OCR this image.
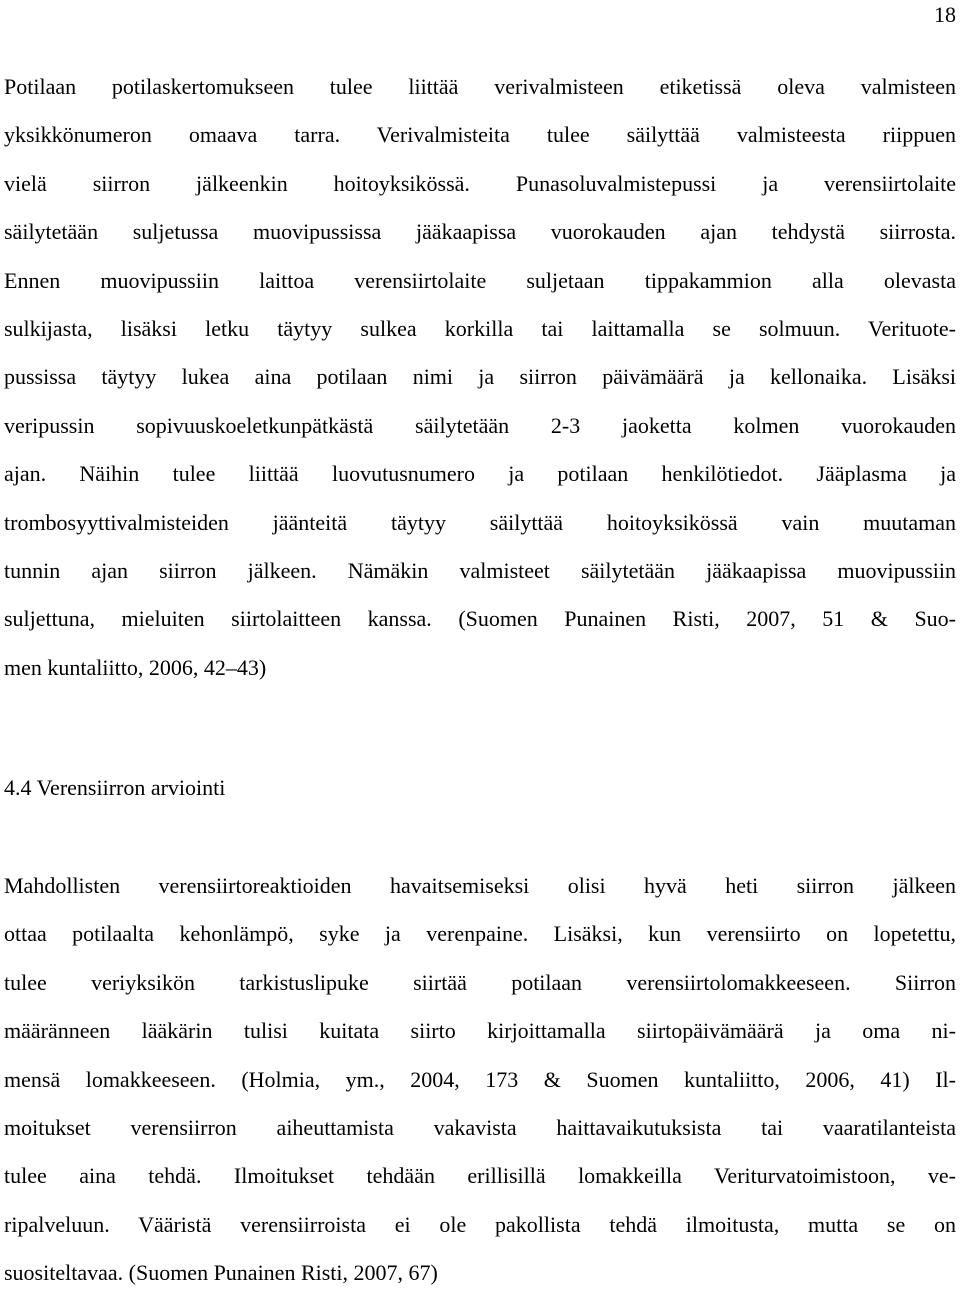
18
Potilaan potilaskertomukseen tulee liittää verivalmisteen etiketissä oleva valmisteen
yksikkönumeron omaava tarra. Verivalmisteita tulee säilyttää valmisteesta riippuen
vielä siirron jälkeenkin hoitoyksikössä. Punasoluvalmistepussi ja verensiirtolaite
säilytetään suljetussa muovipussissa jääkaapissa vuorokauden ajan tehdystä siirrosta.
Ennen muovipussiin laittoa verensiirtolaite suljetaan tippakammion alla olevasta
sulkijasta, lisäksi letku täytyy sulkea korkilla tai laittamalla se solmuun. Verituote-
pussissa täytyy lukea aina potilaan nimi ja siirron päivämäärä ja kellonaika. Lisäksi
veripussin sopivuuskoeletkunpätkästä säilytetään 2-3 jaoketta kolmen vuorokauden
ajan. Näihin tulee liittää luovutusnumero ja potilaan henkilötiedot. Jääplasma ja
trombosyyttivalmisteiden jäänteitä täytyy säilyttää hoitoyksikössä vain muutaman
tunnin ajan siirron jälkeen. Nämäkin valmisteet säilytetään jääkaapissa muovipussiin
suljettuna, mieluiten siirtolaitteen kanssa. (Suomen Punainen Risti, 2007, 51 & Suo-
men kuntaliitto, 2006, 42–43)
4.4 Verensiirron arviointi
Mahdollisten verensiirtoreaktioiden havaitsemiseksi olisi hyvä heti siirron jälkeen
ottaa potilaalta kehonlämpö, syke ja verenpaine. Lisäksi, kun verensiirto on lopetettu,
tulee veriyksikön tarkistuslipuke siirtää potilaan verensiirtolomakkeeseen. Siirron
määränneen lääkärin tulisi kuitata siirto kirjoittamalla siirtopäivämäärä ja oma ni-
mensä lomakkeeseen. (Holmia, ym., 2004, 173 & Suomen kuntaliitto, 2006, 41) Il-
moitukset verensiirron aiheuttamista vakavista haittavaikutuksista tai vaaratilanteista
tulee aina tehdä. Ilmoitukset tehdään erillisillä lomakkeilla Veriturvatoimistoon, ve-
ripalveluun. Vääristä verensiirroista ei ole pakollista tehdä ilmoitusta, mutta se on
suositeltavaa. (Suomen Punainen Risti, 2007, 67)
